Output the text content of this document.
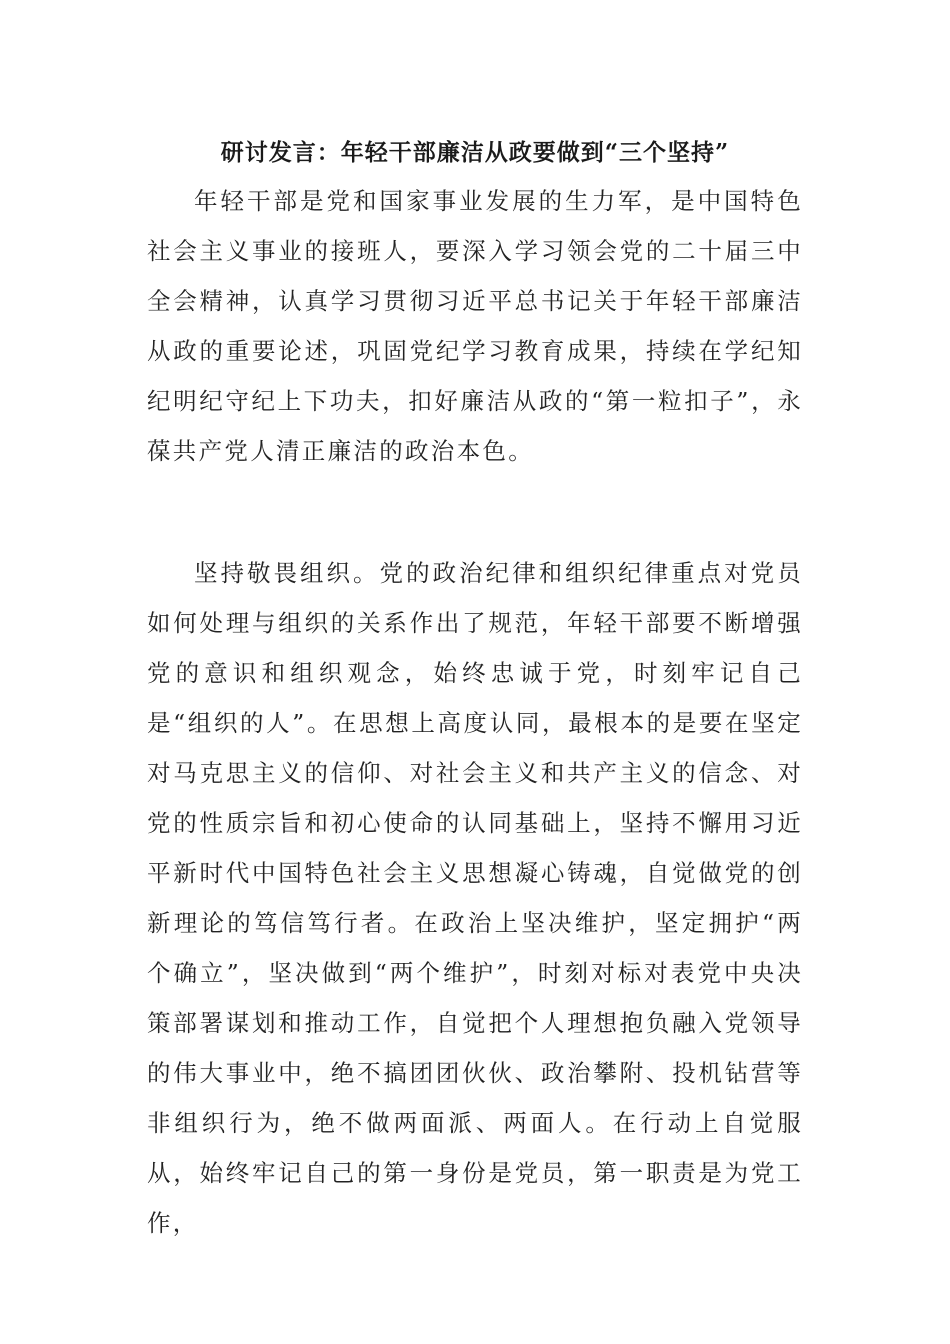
研讨发言：年轻干部廉洁从政要做到“三个坚持”

年轻干部是党和国家事业发展的生力军，是中国特色社会主义事业的接班人，要深入学习领会党的二十届三中全会精神，认真学习贯彻习近平总书记关于年轻干部廉洁从政的重要论述，巩固党纪学习教育成果，持续在学纪知纪明纪守纪上下功夫，扣好廉洁从政的“第一粒扣子”，永葆共产党人清正廉洁的政治本色。

坚持敬畏组织。党的政治纪律和组织纪律重点对党员如何处理与组织的关系作出了规范，年轻干部要不断增强党的意识和组织观念，始终忠诚于党，时刻牢记自己是“组织的人”。在思想上高度认同，最根本的是要在坚定对马克思主义的信仰、对社会主义和共产主义的信念、对党的性质宗旨和初心使命的认同基础上，坚持不懈用习近平新时代中国特色社会主义思想凝心铸魂，自觉做党的创新理论的笃信笃行者。在政治上坚决维护，坚定拥护“两个确立”，坚决做到“两个维护”，时刻对标对表党中央决策部署谋划和推动工作，自觉把个人理想抱负融入党领导的伟大事业中，绝不搞团团伙伙、政治攀附、投机钻营等非组织行为，绝不做两面派、两面人。在行动上自觉服从，始终牢记自己的第一身份是党员，第一职责是为党工作，
